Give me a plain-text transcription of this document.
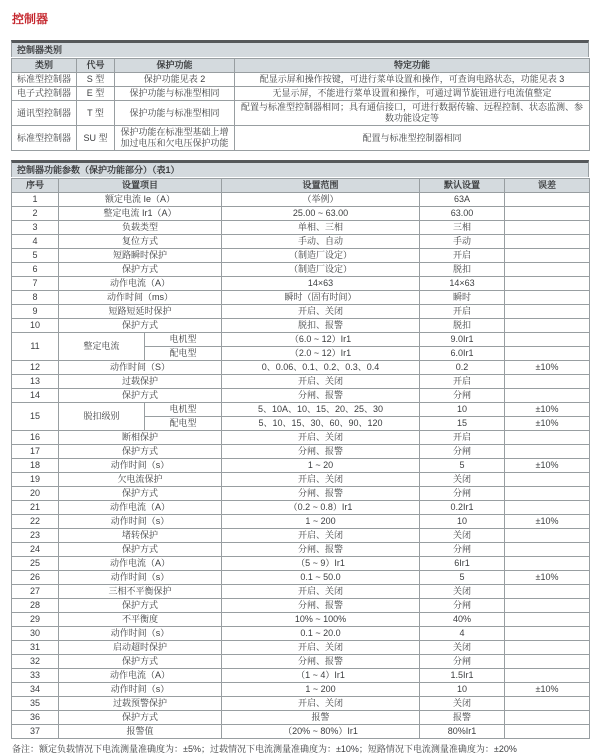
控制器
控制器类别
类别	代号	保护功能	特定功能
标准型控制器	S 型	保护功能见表 2	配显示屏和操作按键，可进行菜单设置和操作，可查询电路状态，功能见表 3
电子式控制器	E 型	保护功能与标准型相同	无显示屏，不能进行菜单设置和操作，可通过调节旋钮进行电流值整定
通讯型控制器	T 型	保护功能与标准型相同	配置与标准型控制器相同；具有通信接口，可进行数据传输、远程控制、状态监测、参数功能设定等
标准型控制器	SU 型	保护功能在标准型基础上增加过电压和欠电压保护功能	配置与标准型控制器相同
控制器功能参数（保护功能部分）（表1）
序号	设置项目		设置范围	默认设置	误差
1	额定电流 Ie（A）		（举例）	63A	
2	整定电流 Ir1（A）		25.00 ~ 63.00	63.00	
3	负载类型		单相、三相	三相	
4	复位方式		手动、自动	手动	
5	短路瞬时保护		（制造厂设定）	开启	
6	保护方式		（制造厂设定）	脱扣	
7	动作电流（A）		14×63	14×63	
8	动作时间（ms）		瞬时（固有时间）	瞬时	
9	短路短延时保护		开启、关闭	开启	
10	保护方式		脱扣、报警	脱扣	
11	整定电流	电机型	（6.0 ~ 12）Ir1	9.0Ir1	
		配电型	（2.0 ~ 12）Ir1	6.0Ir1	
12	动作时间（S）		0、0.06、0.1、0.2、0.3、0.4	0.2	±10%
13	过载保护		开启、关闭	开启	
14	保护方式		分闸、报警	分闸	
15	脱扣级别	电机型	5、10A、10、15、20、25、30	10	±10%
		配电型	5、10、15、30、60、90、120	15	±10%
16	断相保护		开启、关闭	开启	
17	保护方式		分闸、报警	分闸	
18	动作时间（s）		1 ~ 20	5	±10%
19	欠电流保护		开启、关闭	关闭	
20	保护方式		分闸、报警	分闸	
21	动作电流（A）		（0.2 ~ 0.8）Ir1	0.2Ir1	
22	动作时间（s）		1 ~ 200	10	±10%
23	堵转保护		开启、关闭	关闭	
24	保护方式		分闸、报警	分闸	
25	动作电流（A）		（5 ~ 9）Ir1	6Ir1	
26	动作时间（s）		0.1 ~ 50.0	5	±10%
27	三相不平衡保护		开启、关闭	关闭	
28	保护方式		分闸、报警	分闸	
29	不平衡度		10% ~ 100%	40%	
30	动作时间（s）		0.1 ~ 20.0	4	
31	启动超时保护		开启、关闭	关闭	
32	保护方式		分闸、报警	分闸	
33	动作电流（A）		（1 ~ 4）Ir1	1.5Ir1	
34	动作时间（s）		1 ~ 200	10	±10%
35	过载预警保护		开启、关闭	关闭	
36	保护方式		报警	报警	
37	报警值		（20% ~ 80%）Ir1	80%Ir1	

备注：额定负载情况下电流测量准确度为：±5%；过载情况下电流测量准确度为：±10%；短路情况下电流测量准确度为：±20%
